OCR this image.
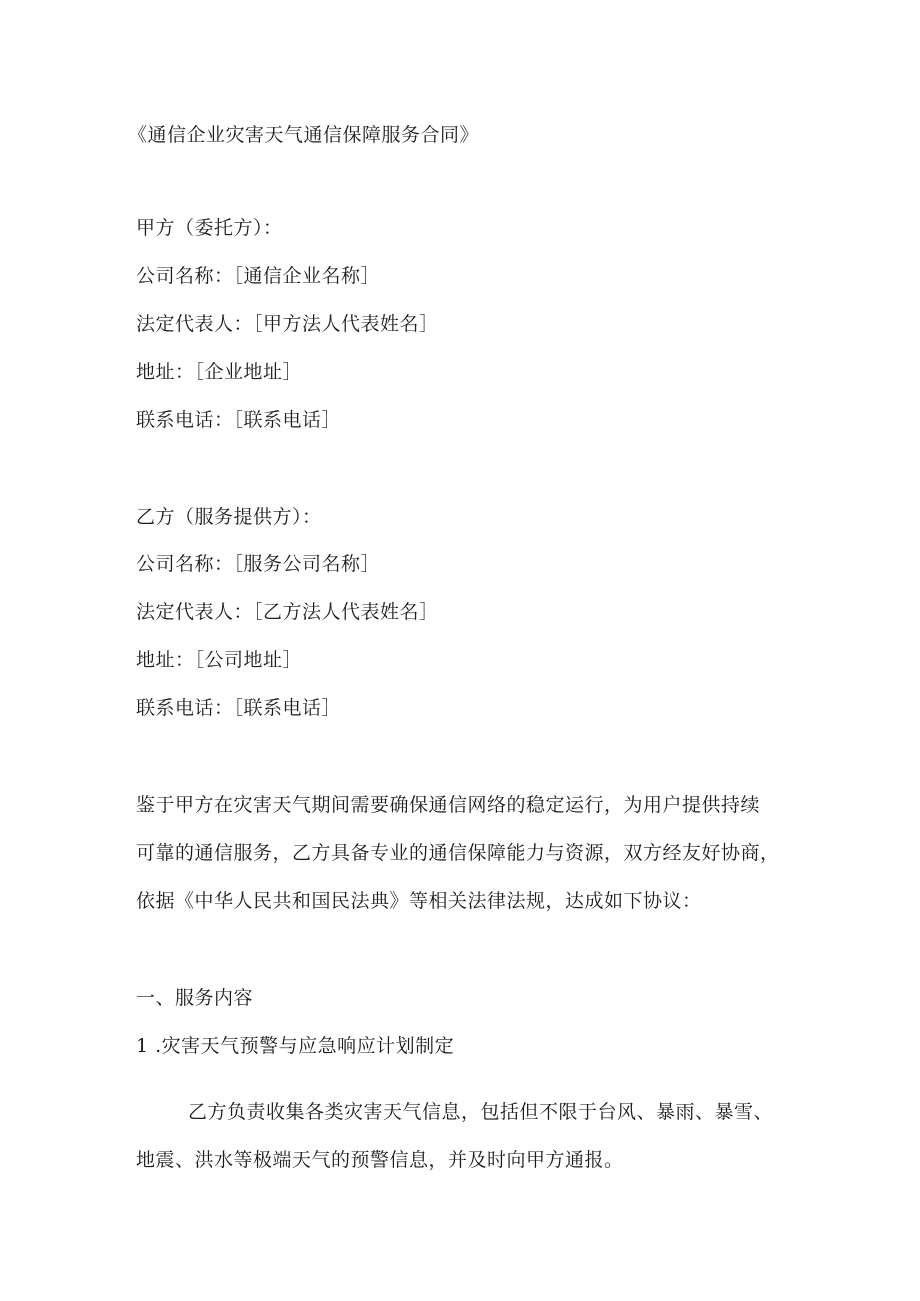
《通信企业灾害天气通信保障服务合同》
甲方（委托方）：
公司名称：［通信企业名称］
法定代表人：［甲方法人代表姓名］
地址：［企业地址］
联系电话：［联系电话］
乙方（服务提供方）：
公司名称：［服务公司名称］
法定代表人：［乙方法人代表姓名］
地址：［公司地址］
联系电话：［联系电话］
鉴于甲方在灾害天气期间需要确保通信网络的稳定运行，为用户提供持续
可靠的通信服务，乙方具备专业的通信保障能力与资源，双方经友好协商，
依据《中华人民共和国民法典》等相关法律法规，达成如下协议：
一、服务内容
1 .灾害天气预警与应急响应计划制定
乙方负责收集各类灾害天气信息，包括但不限于台风、暴雨、暴雪、
地震、洪水等极端天气的预警信息，并及时向甲方通报。
